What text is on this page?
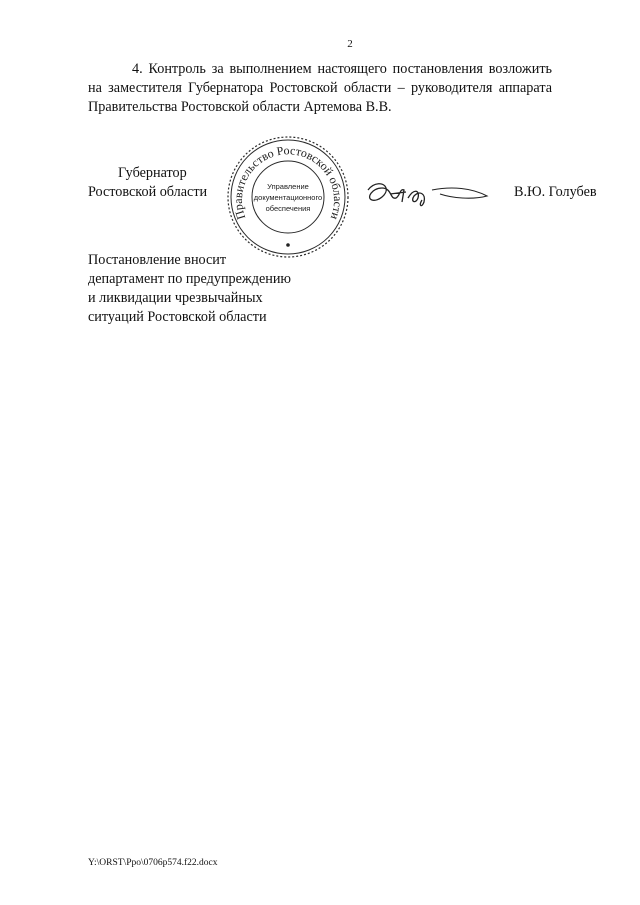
2
4. Контроль за выполнением настоящего постановления возложить на заместителя Губернатора Ростовской области – руководителя аппарата Правительства Ростовской области Артемова В.В.
Губернатор
Ростовской области
Правительство Ростовской области
Управление
документационного
обеспечения
В.Ю. Голубев
Постановление вносит
департамент по предупреждению
и ликвидации чрезвычайных
ситуаций Ростовской области
Y:\ORST\Ppo\0706p574.f22.docx
